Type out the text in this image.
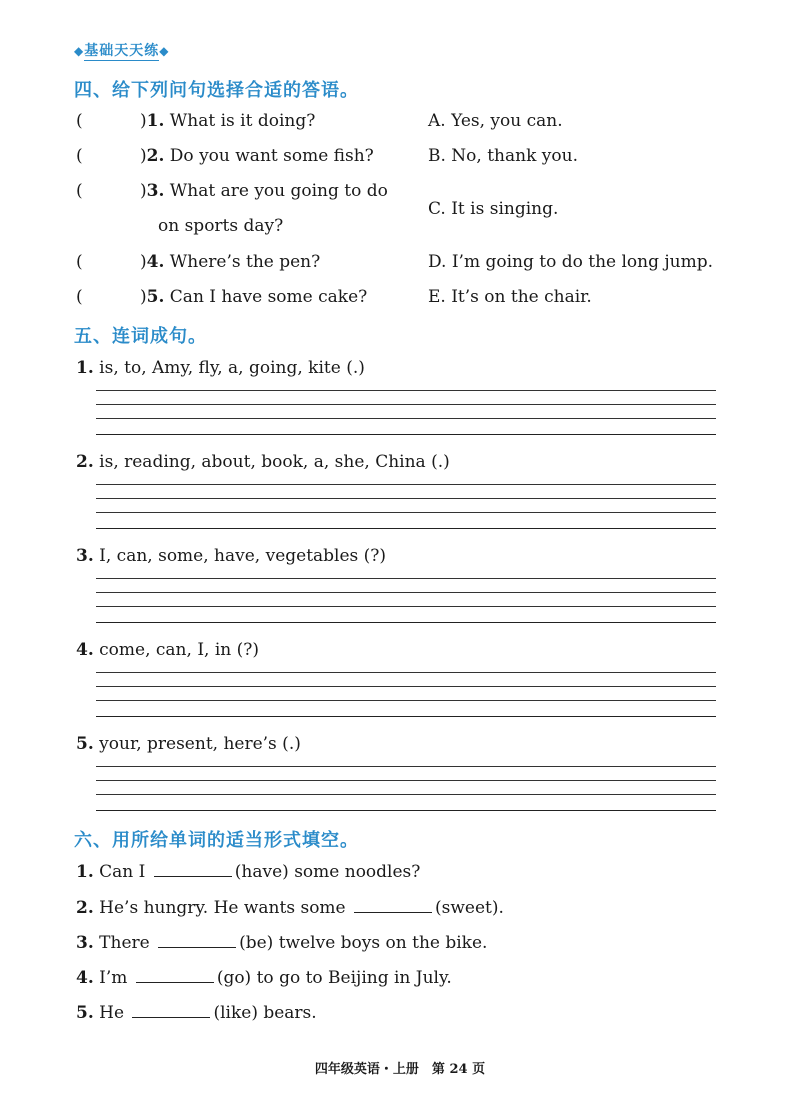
◆基础天天练◆
四、给下列问句选择合适的答语。
(	)1. What is it doing?
(	)2. Do you want some fish?
(	)3. What are you going to do
on sports day?
(	)4. Where’s the pen?
(	)5. Can I have some cake?
A. Yes, you can.
B. No, thank you.
C. It is singing.
D. I’m going to do the long jump.
E. It’s on the chair.
五、连词成句。
1. is, to, Amy, fly, a, going, kite (.)
2. is, reading, about, book, a, she, China (.)
3. I, can, some, have, vegetables (?)
4. come, can, I, in (?)
5. your, present, here’s (.)
六、用所给单词的适当形式填空。
1. Can I	(have) some noodles?
2. He’s hungry. He wants some	(sweet).
3. There	(be) twelve boys on the bike.
4. I’m	(go) to go to Beijing in July.
5. He	(like) bears.
四年级英语・上册　第 24 页
